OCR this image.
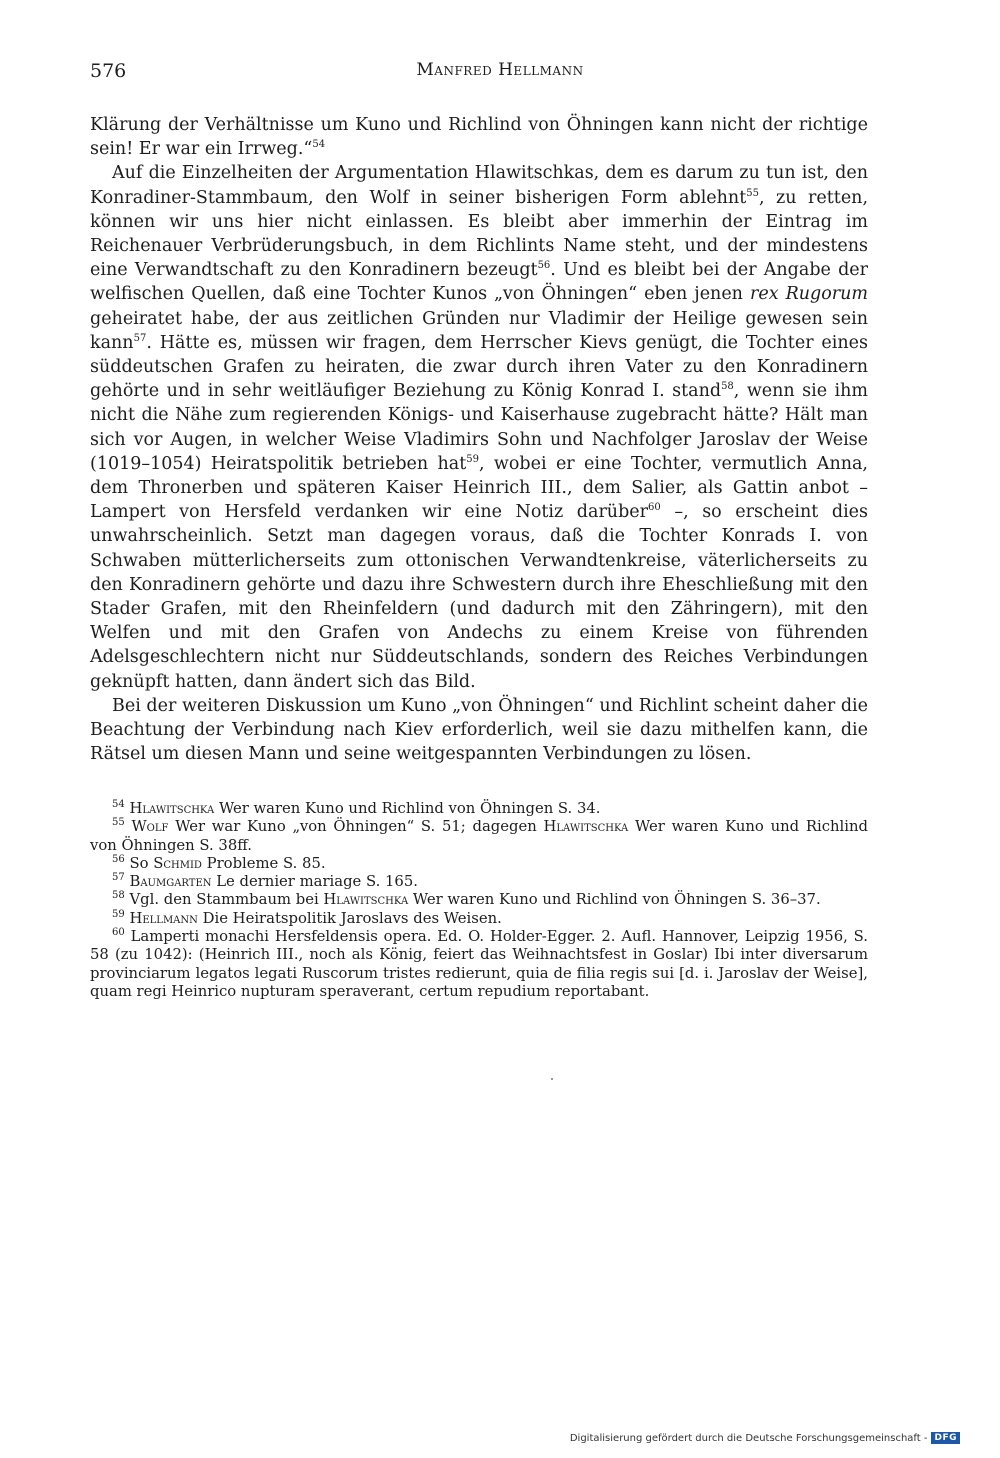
576	Manfred Hellmann

Klärung der Verhältnisse um Kuno und Richlind von Öhningen kann nicht der richtige sein! Er war ein Irrweg.“$^{54}$

Auf die Einzelheiten der Argumentation Hlawitschkas, dem es darum zu tun ist, den Konradiner-Stammbaum, den Wolf in seiner bisherigen Form ablehnt$^{55}$, zu retten, können wir uns hier nicht einlassen. Es bleibt aber immerhin der Eintrag im Reichenauer Verbrüderungsbuch, in dem Richlints Name steht, und der mindestens eine Verwandtschaft zu den Konradinern bezeugt$^{56}$. Und es bleibt bei der Angabe der welfischen Quellen, daß eine Tochter Kunos „von Öhningen“ eben jenen rex Rugorum geheiratet habe, der aus zeitlichen Gründen nur Vladimir der Heilige gewesen sein kann$^{57}$. Hätte es, müssen wir fragen, dem Herrscher Kievs genügt, die Tochter eines süddeutschen Grafen zu heiraten, die zwar durch ihren Vater zu den Konradinern gehörte und in sehr weitläufiger Beziehung zu König Konrad I. stand$^{58}$, wenn sie ihm nicht die Nähe zum regierenden Königs- und Kaiserhause zugebracht hätte? Hält man sich vor Augen, in welcher Weise Vladimirs Sohn und Nachfolger Jaroslav der Weise (1019–1054) Heiratspolitik betrieben hat$^{59}$, wobei er eine Tochter, vermutlich Anna, dem Thronerben und späteren Kaiser Heinrich III., dem Salier, als Gattin anbot – Lampert von Hersfeld verdanken wir eine Notiz darüber$^{60}$ –, so erscheint dies unwahrscheinlich. Setzt man dagegen voraus, daß die Tochter Konrads I. von Schwaben mütterlicherseits zum ottonischen Verwandtenkreise, väterlicherseits zu den Konradinern gehörte und dazu ihre Schwestern durch ihre Eheschließung mit den Stader Grafen, mit den Rheinfeldern (und dadurch mit den Zähringern), mit den Welfen und mit den Grafen von Andechs zu einem Kreise von führenden Adelsgeschlechtern nicht nur Süddeutschlands, sondern des Reiches Verbindungen geknüpft hatten, dann ändert sich das Bild.

Bei der weiteren Diskussion um Kuno „von Öhningen“ und Richlint scheint daher die Beachtung der Verbindung nach Kiev erforderlich, weil sie dazu mithelfen kann, die Rätsel um diesen Mann und seine weitgespannten Verbindungen zu lösen.

$^{54}$ Hlawitschka Wer waren Kuno und Richlind von Öhningen S. 34.

$^{55}$ Wolf Wer war Kuno „von Öhningen“ S. 51; dagegen Hlawitschka Wer waren Kuno und Richlind von Öhningen S. 38ff.

$^{56}$ So Schmid Probleme S. 85.

$^{57}$ Baumgarten Le dernier mariage S. 165.

$^{58}$ Vgl. den Stammbaum bei Hlawitschka Wer waren Kuno und Richlind von Öhningen S. 36–37.

$^{59}$ Hellmann Die Heiratspolitik Jaroslavs des Weisen.

$^{60}$ Lamperti monachi Hersfeldensis opera. Ed. O. Holder-Egger. 2. Aufl. Hannover, Leipzig 1956, S. 58 (zu 1042): (Heinrich III., noch als König, feiert das Weihnachtsfest in Goslar) Ibi inter diversarum provinciarum legatos legati Ruscorum tristes redierunt, quia de filia regis sui [d. i. Jaroslav der Weise], quam regi Heinrico nupturam speraverant, certum repudium reportabant.

Digitalisierung gefördert durch die Deutsche Forschungsgemeinschaft - DFG
